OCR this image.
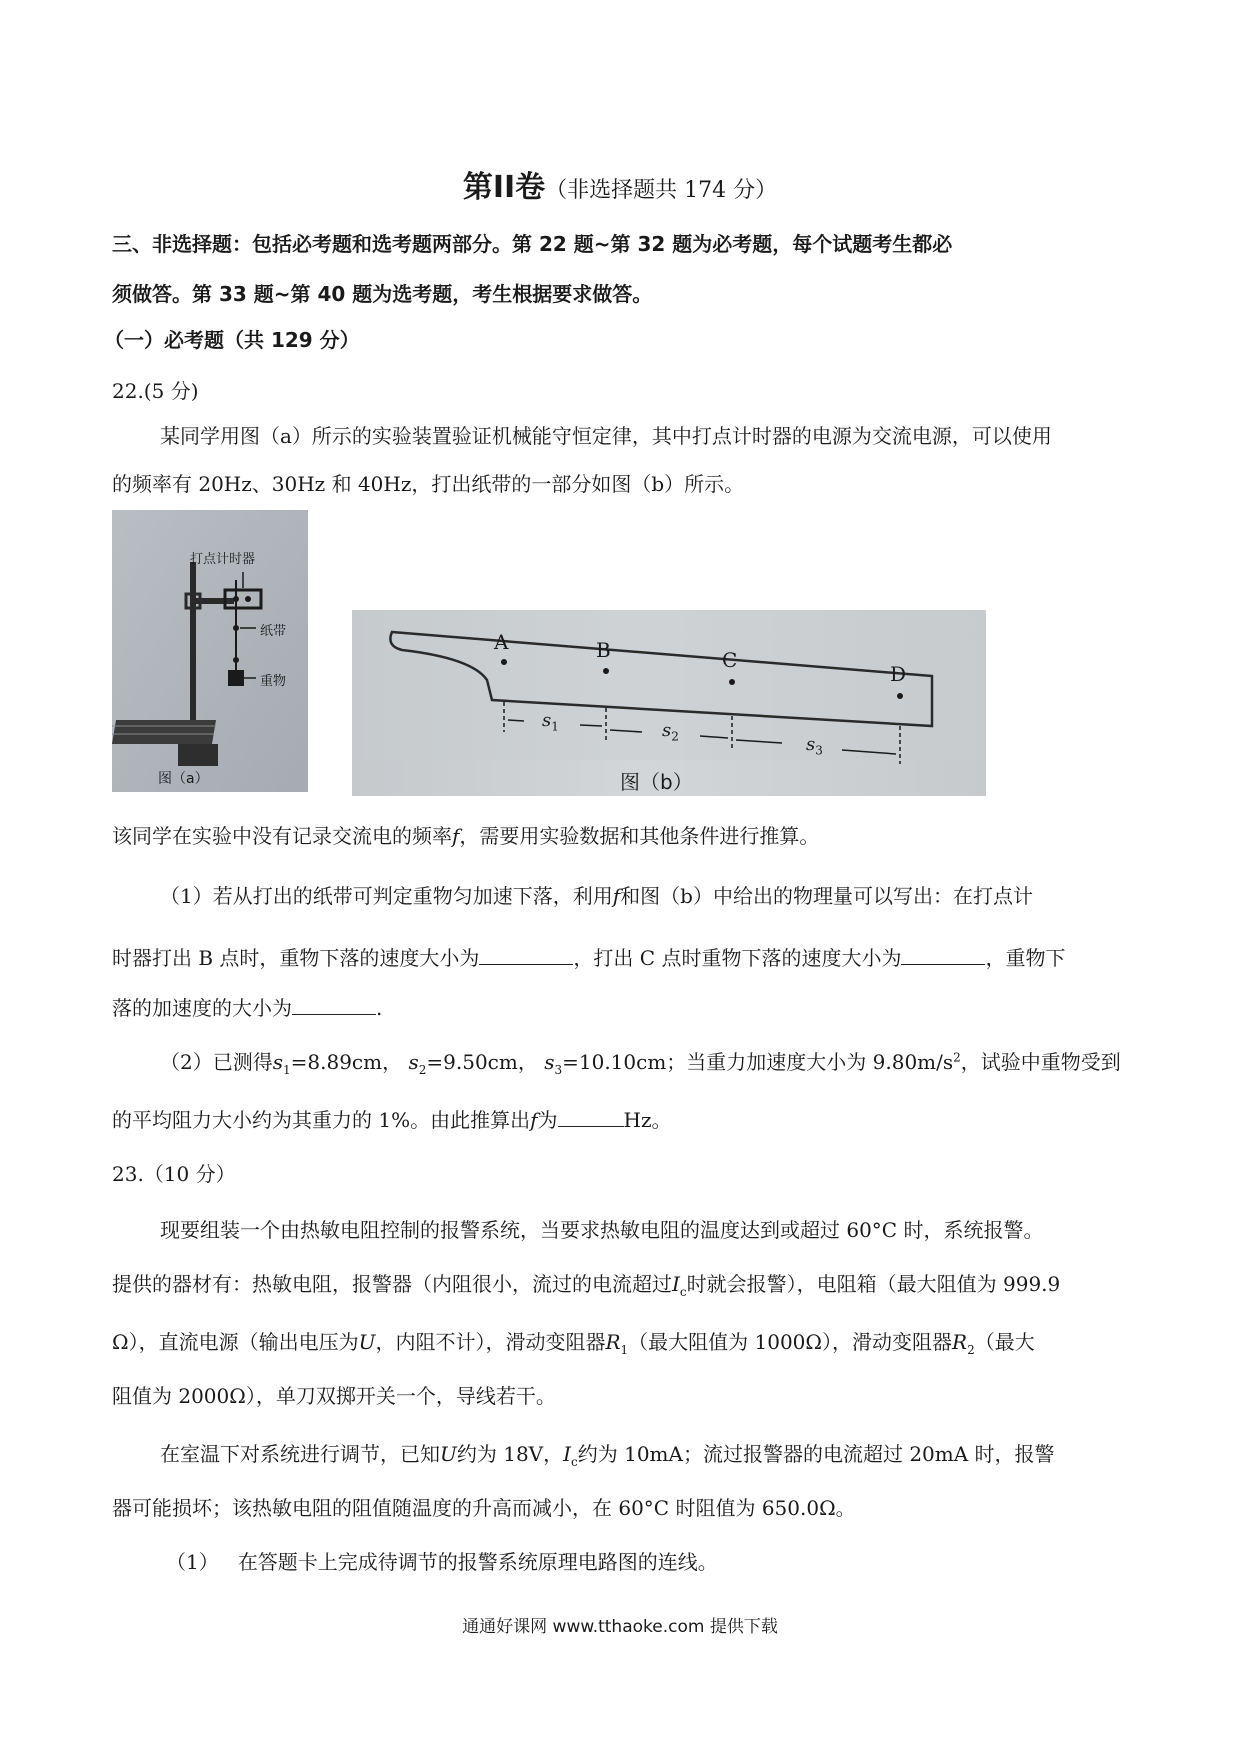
第II卷（非选择题共 174 分）
三、非选择题：包括必考题和选考题两部分。第 22 题~第 32 题为必考题，每个试题考生都必
须做答。第 33 题~第 40 题为选考题，考生根据要求做答。
（一）必考题（共 129 分）
22.(5 分)
某同学用图（a）所示的实验装置验证机械能守恒定律，其中打点计时器的电源为交流电源，可以使用
的频率有 20Hz、30Hz 和 40Hz，打出纸带的一部分如图（b）所示。
打点计时器
纸带
重物
图（a）
A	B	C
D
$s_1$	$s_2$	$s_3$
图（b）
该同学在实验中没有记录交流电的频率f，需要用实验数据和其他条件进行推算。
（1）若从打出的纸带可判定重物匀加速下落，利用f和图（b）中给出的物理量可以写出：在打点计
时器打出 B 点时，重物下落的速度大小为	，打出 C 点时重物下落的速度大小为	，重物下
落的加速度的大小为	.
（2）已测得$s_1=8.89cm$， $s_2=9.50cm$， $s_3=10.10cm$；当重力加速度大小为 $9.80m/s^2$，试验中重物受到
的平均阻力大小约为其重力的 1%。由此推算出f为	Hz。
23.（10 分）
现要组装一个由热敏电阻控制的报警系统，当要求热敏电阻的温度达到或超过 60°C 时，系统报警。
提供的器材有：热敏电阻，报警器（内阻很小，流过的电流超过$I_c$时就会报警），电阻箱（最大阻值为 999.9
Ω），直流电源（输出电压为U，内阻不计），滑动变阻器$R_1$（最大阻值为 1000Ω），滑动变阻器$R_2$（最大
阻值为 2000Ω），单刀双掷开关一个，导线若干。
在室温下对系统进行调节，已知U约为 18V，$I_c$约为 10mA；流过报警器的电流超过 20mA 时，报警
器可能损坏；该热敏电阻的阻值随温度的升高而减小，在 60°C 时阻值为 650.0Ω。
（1） 在答题卡上完成待调节的报警系统原理电路图的连线。
通通好课网 www.tthaoke.com 提供下载
